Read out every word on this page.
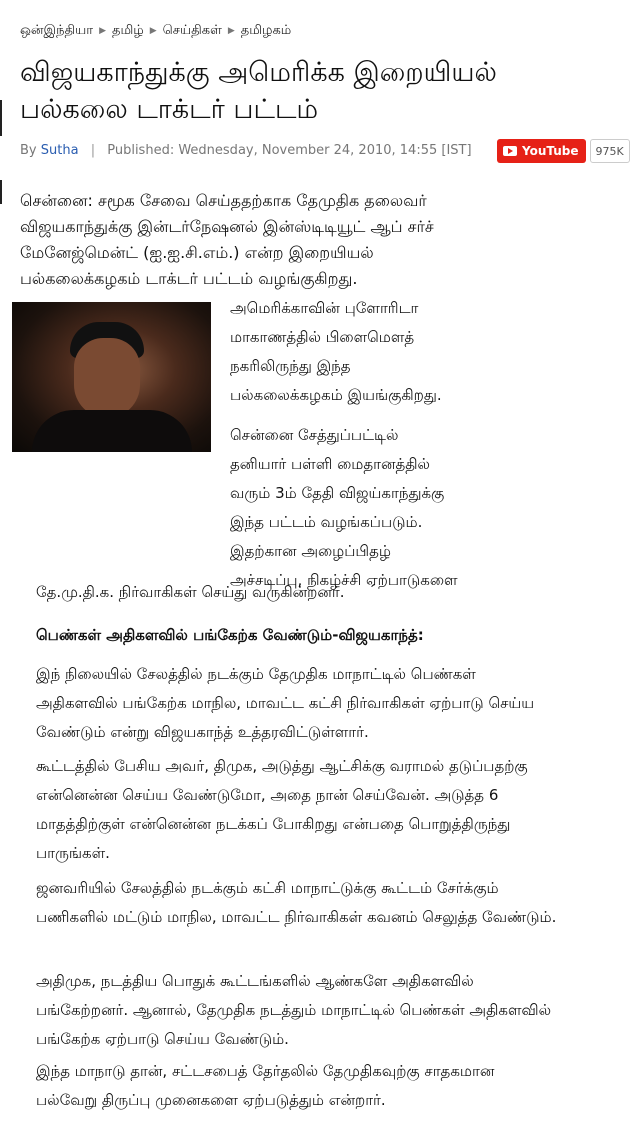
ஒன்இந்தியா ▶ தமிழ் ▶ செய்திகள் ▶ தமிழகம்
விஜயகாந்துக்கு அமெரிக்க இறையியல்
பல்கலை டாக்டர் பட்டம்
By Sutha | Published: Wednesday, November 24, 2010, 14:55 [IST]	YouTube	975K

சென்னை: சமூக சேவை செய்ததற்காக தேமுதிக தலைவர்
விஜயகாந்துக்கு இன்டர்நேஷனல் இன்ஸ்டிடியூட் ஆப் சர்ச்
மேனேஜ்மென்ட் (ஐ.ஐ.சி.எம்.) என்ற இறையியல்
பல்கலைக்கழகம் டாக்டர் பட்டம் வழங்குகிறது.

அமெரிக்காவின் புளோரிடா
மாகாணத்தில் பிளைமௌத்
நகரிலிருந்து இந்த
பல்கலைக்கழகம் இயங்குகிறது.

சென்னை சேத்துப்பட்டில்
தனியார் பள்ளி மைதானத்தில்
வரும் 3ம் தேதி விஜய்காந்துக்கு
இந்த பட்டம் வழங்கப்படும்.
இதற்கான அழைப்பிதழ்
அச்சடிப்பு, நிகழ்ச்சி ஏற்பாடுகளை

தே.மு.தி.க. நிர்வாகிகள் செய்து வருகின்றனர்.

பெண்கள் அதிகளவில் பங்கேற்க வேண்டும்-விஜயகாந்த்:

இந் நிலையில் சேலத்தில் நடக்கும் தேமுதிக மாநாட்டில் பெண்கள்
அதிகளவில் பங்கேற்க மாநில, மாவட்ட கட்சி நிர்வாகிகள் ஏற்பாடு செய்ய
வேண்டும் என்று விஜயகாந்த் உத்தரவிட்டுள்ளார்.

கூட்டத்தில் பேசிய அவர், திமுக, அடுத்து ஆட்சிக்கு வராமல் தடுப்பதற்கு
என்னென்ன செய்ய வேண்டுமோ, அதை நான் செய்வேன். அடுத்த 6
மாதத்திற்குள் என்னென்ன நடக்கப் போகிறது என்பதை பொறுத்திருந்து
பாருங்கள்.

ஜனவரியில் சேலத்தில் நடக்கும் கட்சி மாநாட்டுக்கு கூட்டம் சேர்க்கும்
பணிகளில் மட்டும் மாநில, மாவட்ட நிர்வாகிகள் கவனம் செலுத்த வேண்டும்.

அதிமுக, நடத்திய பொதுக் கூட்டங்களில் ஆண்களே அதிகளவில்
பங்கேற்றனர். ஆனால், தேமுதிக நடத்தும் மாநாட்டில் பெண்கள் அதிகளவில்
பங்கேற்க ஏற்பாடு செய்ய வேண்டும்.

இந்த மாநாடு தான், சட்டசபைத் தேர்தலில் தேமுதிகவுற்கு சாதகமான
பல்வேறு திருப்பு முனைகளை ஏற்படுத்தும் என்றார்.
